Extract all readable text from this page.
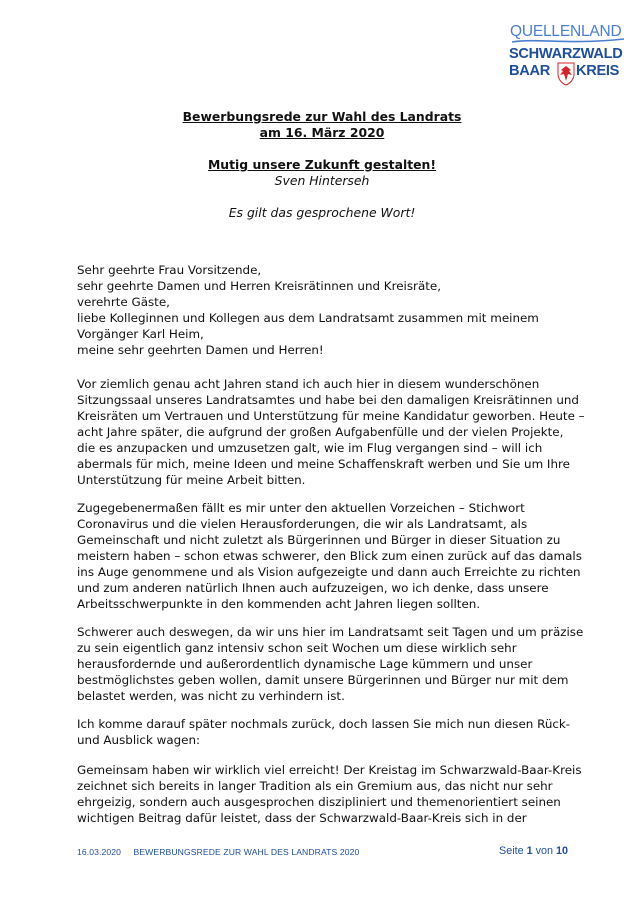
QUELLENLAND
SCHWARZWALD
BAAR KREIS
Bewerbungsrede zur Wahl des Landrats
am 16. März 2020
Mutig unsere Zukunft gestalten!
Sven Hinterseh
Es gilt das gesprochene Wort!
Sehr geehrte Frau Vorsitzende,
sehr geehrte Damen und Herren Kreisrätinnen und Kreisräte,
verehrte Gäste,
liebe Kolleginnen und Kollegen aus dem Landratsamt zusammen mit meinem
Vorgänger Karl Heim,
meine sehr geehrten Damen und Herren!
Vor ziemlich genau acht Jahren stand ich auch hier in diesem wunderschönen
Sitzungssaal unseres Landratsamtes und habe bei den damaligen Kreisrätinnen und
Kreisräten um Vertrauen und Unterstützung für meine Kandidatur geworben. Heute –
acht Jahre später, die aufgrund der großen Aufgabenfülle und der vielen Projekte,
die es anzupacken und umzusetzen galt, wie im Flug vergangen sind – will ich
abermals für mich, meine Ideen und meine Schaffenskraft werben und Sie um Ihre
Unterstützung für meine Arbeit bitten.
Zugegebenermaßen fällt es mir unter den aktuellen Vorzeichen – Stichwort
Coronavirus und die vielen Herausforderungen, die wir als Landratsamt, als
Gemeinschaft und nicht zuletzt als Bürgerinnen und Bürger in dieser Situation zu
meistern haben – schon etwas schwerer, den Blick zum einen zurück auf das damals
ins Auge genommene und als Vision aufgezeigte und dann auch Erreichte zu richten
und zum anderen natürlich Ihnen auch aufzuzeigen, wo ich denke, dass unsere
Arbeitsschwerpunkte in den kommenden acht Jahren liegen sollten.
Schwerer auch deswegen, da wir uns hier im Landratsamt seit Tagen und um präzise
zu sein eigentlich ganz intensiv schon seit Wochen um diese wirklich sehr
herausfordernde und außerordentlich dynamische Lage kümmern und unser
bestmöglichstes geben wollen, damit unsere Bürgerinnen und Bürger nur mit dem
belastet werden, was nicht zu verhindern ist.
Ich komme darauf später nochmals zurück, doch lassen Sie mich nun diesen Rück-
und Ausblick wagen:
Gemeinsam haben wir wirklich viel erreicht! Der Kreistag im Schwarzwald-Baar-Kreis
zeichnet sich bereits in langer Tradition als ein Gremium aus, das nicht nur sehr
ehrgeizig, sondern auch ausgesprochen diszipliniert und themenorientiert seinen
wichtigen Beitrag dafür leistet, dass der Schwarzwald-Baar-Kreis sich in der
16.03.2020 BEWERBUNGSREDE ZUR WAHL DES LANDRATS 2020	Seite 1 von 10
